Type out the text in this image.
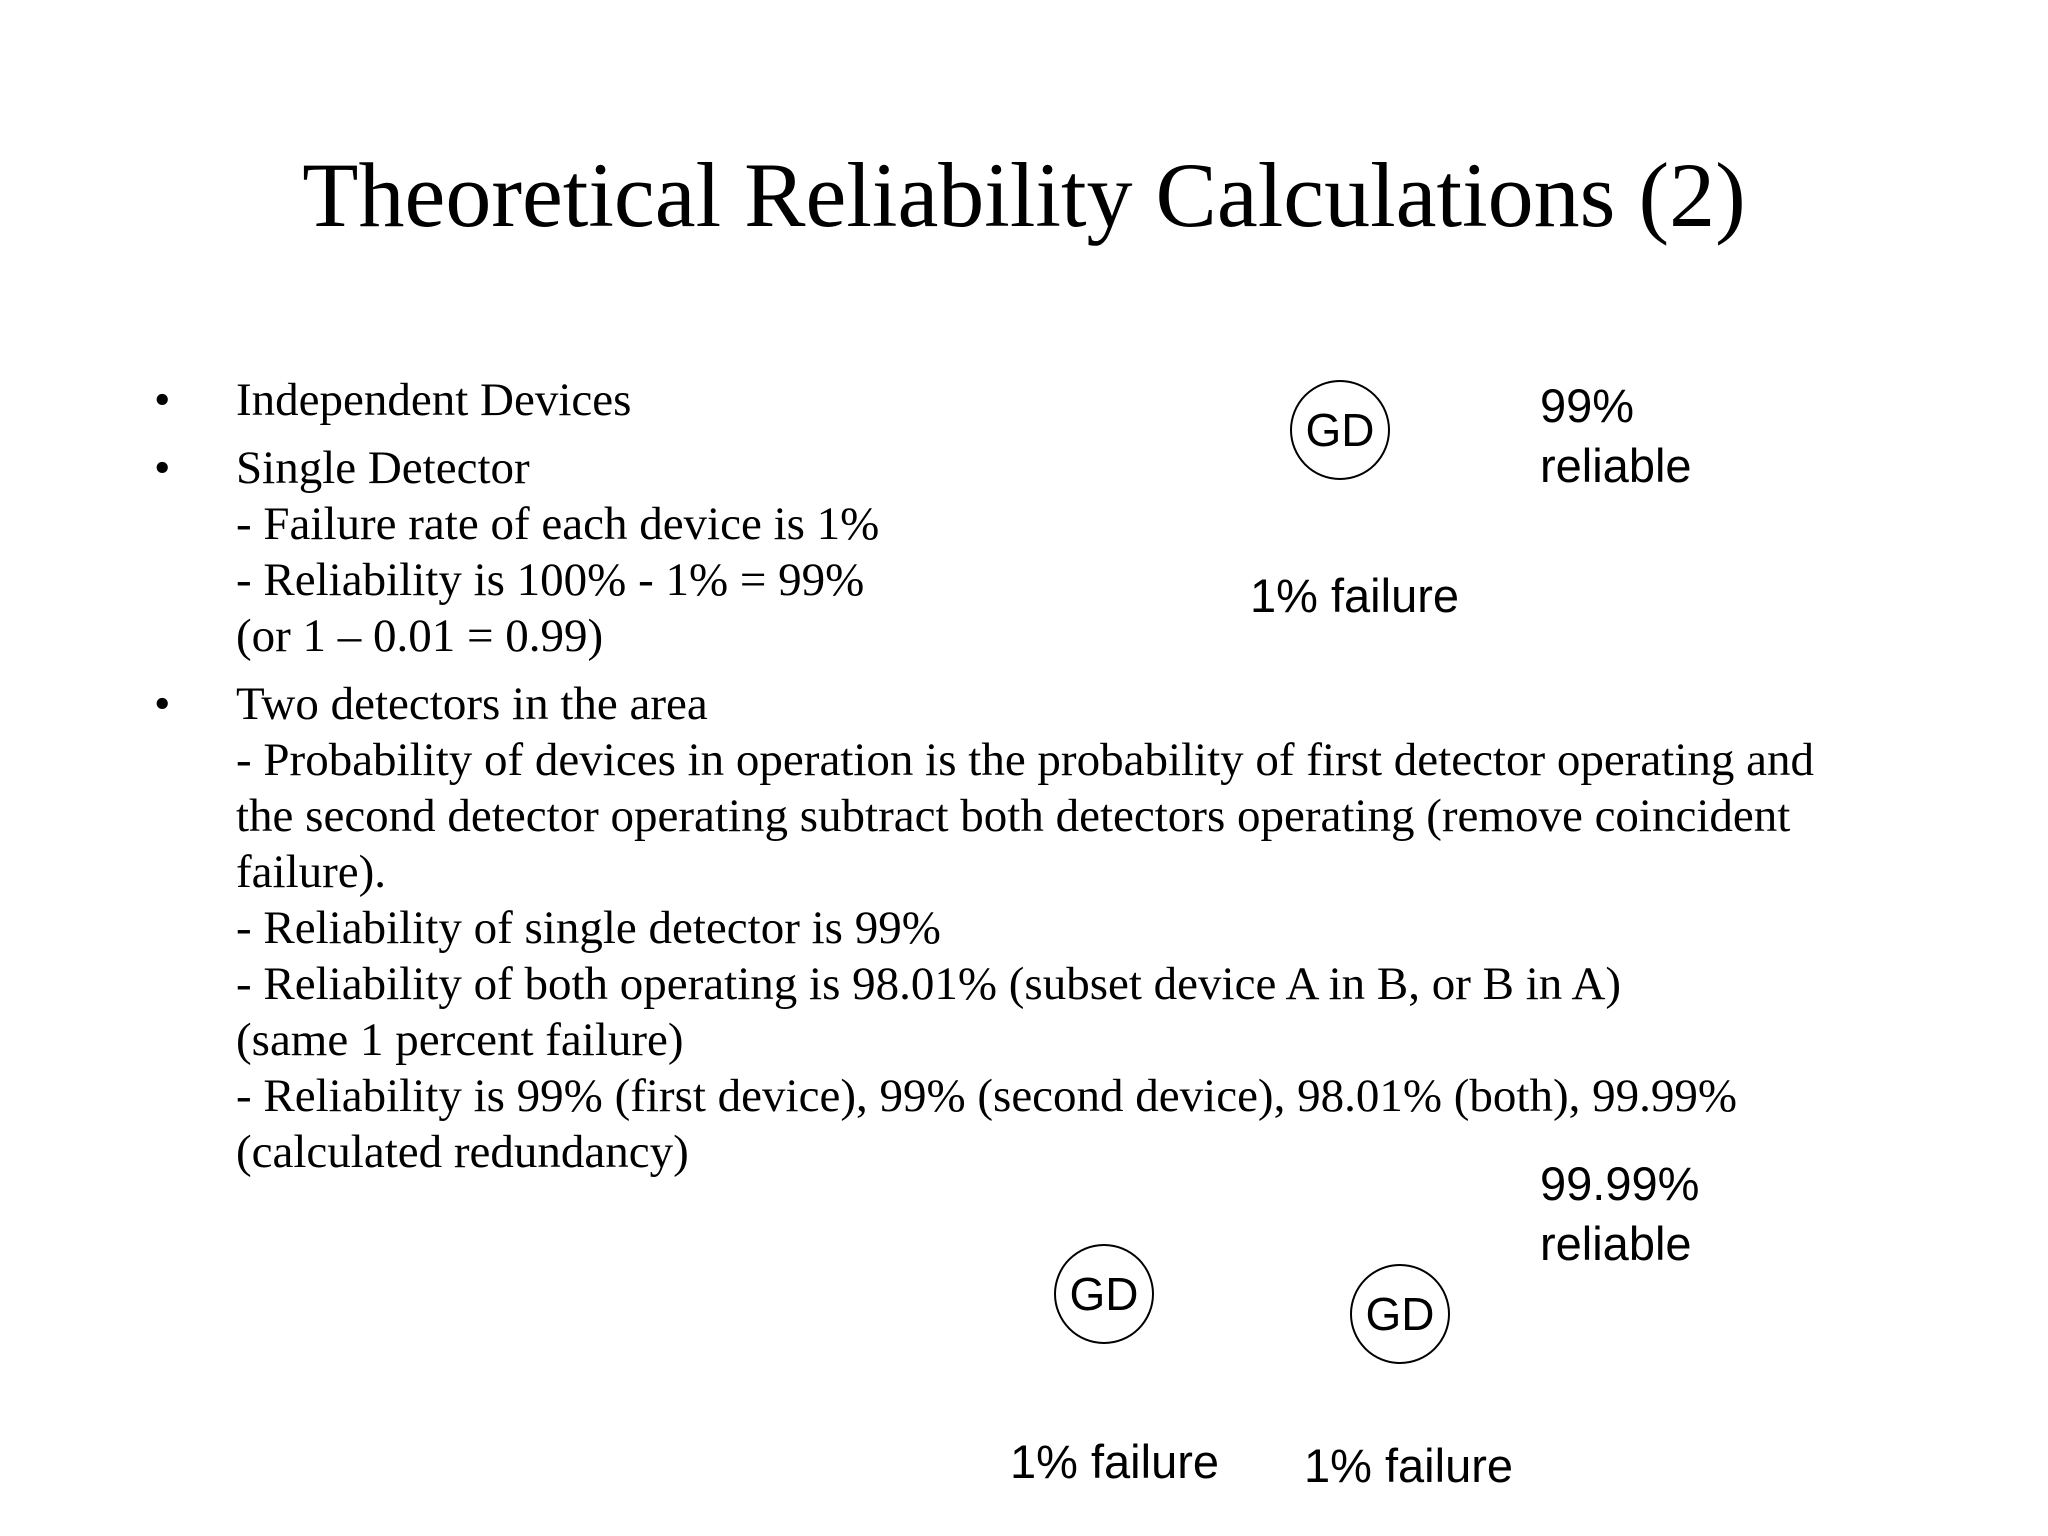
Theoretical Reliability Calculations (2)
• Independent Devices
• Single Detector
- Failure rate of each device is 1%
- Reliability is 100% - 1% = 99%
(or 1 – 0.01 = 0.99)
• Two detectors in the area
- Probability of devices in operation is the probability of first detector operating and
the second detector operating subtract both detectors operating (remove coincident
failure).
- Reliability of single detector is 99%
- Reliability of both operating is 98.01% (subset device A in B, or B in A)
(same 1 percent failure)
- Reliability is 99% (first device), 99% (second device), 98.01% (both), 99.99%
(calculated redundancy)
GD	99%
reliable
1% failure
99.99%
reliable
GD	GD
1% failure 1% failure
